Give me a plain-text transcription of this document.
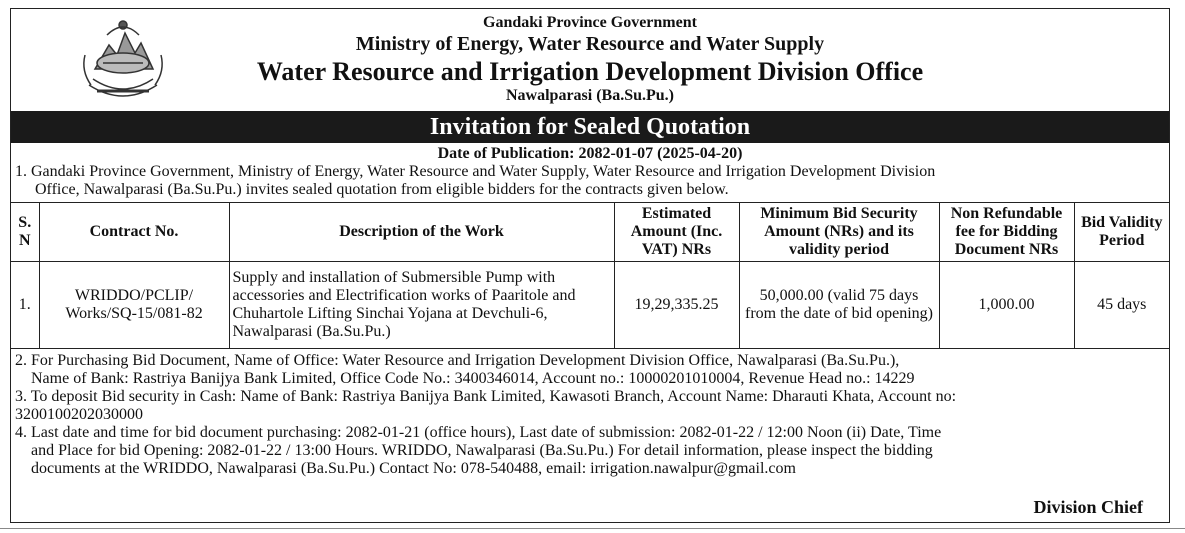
Gandaki Province Government
Ministry of Energy, Water Resource and Water Supply
Water Resource and Irrigation Development Division Office
Nawalparasi (Ba.Su.Pu.)
Invitation for Sealed Quotation
Date of Publication: 2082-01-07 (2025-04-20)
1. Gandaki Province Government, Ministry of Energy, Water Resource and Water Supply, Water Resource and Irrigation Development Division
Office, Nawalparasi (Ba.Su.Pu.) invites sealed quotation from eligible bidders for the contracts given below.
S. N	Contract No.	Description of the Work	Estimated Amount (Inc. VAT) NRs	Minimum Bid Security Amount (NRs) and its validity period	Non Refundable fee for Bidding Document NRs	Bid Validity Period
1.	WRIDDO/PCLIP/ Works/SQ-15/081-82	Supply and installation of Submersible Pump with accessories and Electrification works of Paaritole and Chuhartole Lifting Sinchai Yojana at Devchuli-6, Nawalparasi (Ba.Su.Pu.)	19,29,335.25	50,000.00 (valid 75 days from the date of bid opening)	1,000.00	45 days
2. For Purchasing Bid Document, Name of Office: Water Resource and Irrigation Development Division Office, Nawalparasi (Ba.Su.Pu.),
Name of Bank: Rastriya Banijya Bank Limited, Office Code No.: 3400346014, Account no.: 10000201010004, Revenue Head no.: 14229
3. To deposit Bid security in Cash: Name of Bank: Rastriya Banijya Bank Limited, Kawasoti Branch, Account Name: Dharauti Khata, Account no:
3200100202030000
4. Last date and time for bid document purchasing: 2082-01-21 (office hours), Last date of submission: 2082-01-22 / 12:00 Noon (ii) Date, Time
and Place for bid Opening: 2082-01-22 / 13:00 Hours. WRIDDO, Nawalparasi (Ba.Su.Pu.) For detail information, please inspect the bidding
documents at the WRIDDO, Nawalparasi (Ba.Su.Pu.) Contact No: 078-540488, email: irrigation.nawalpur@gmail.com
Division Chief
